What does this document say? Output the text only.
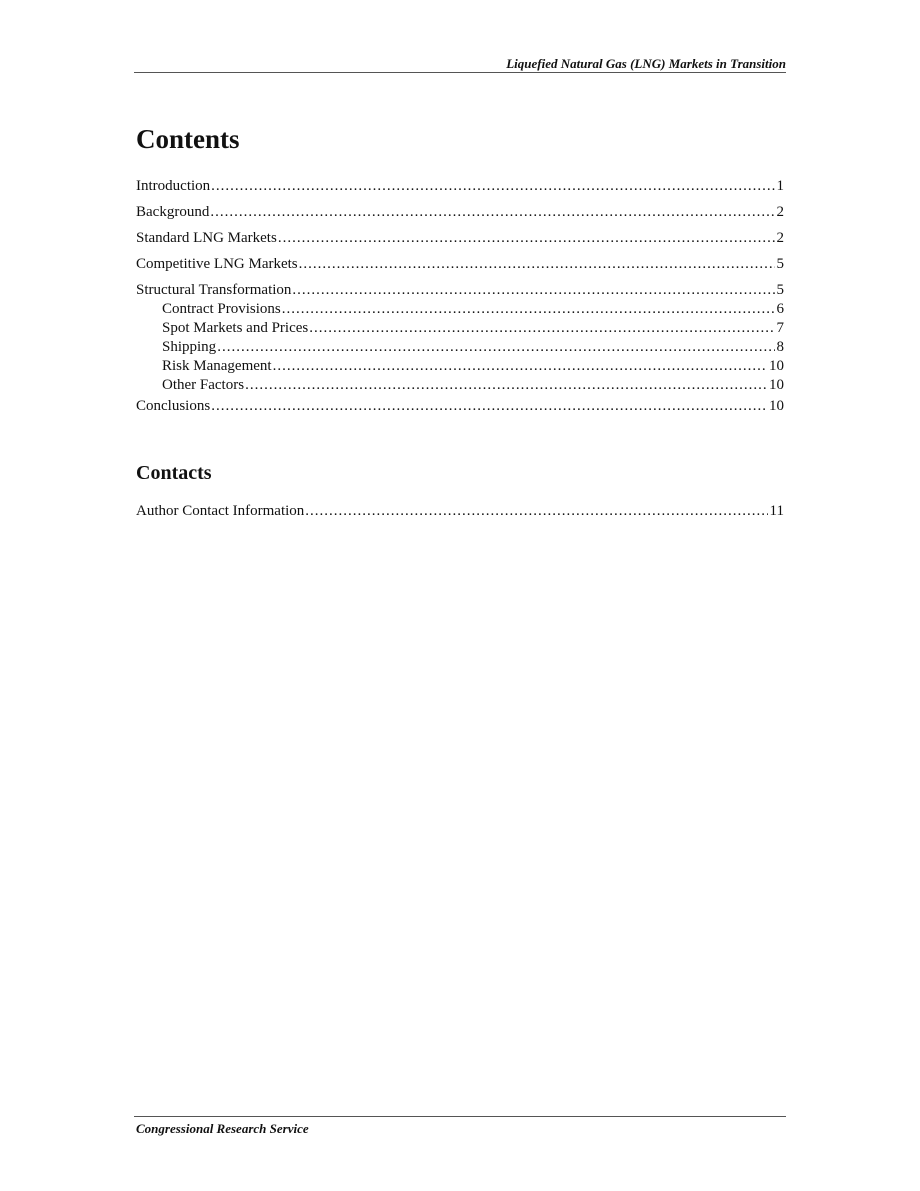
Liquefied Natural Gas (LNG) Markets in Transition
Contents
Introduction .....	1
Background .....	2
Standard LNG Markets .....	2
Competitive LNG Markets .....	5
Structural Transformation .....	5
Contract Provisions .....	6
Spot Markets and Prices .....	7
Shipping .....	8
Risk Management .....	10
Other Factors .....	10
Conclusions .....	10
Contacts
Author Contact Information .....	11
Congressional Research Service
